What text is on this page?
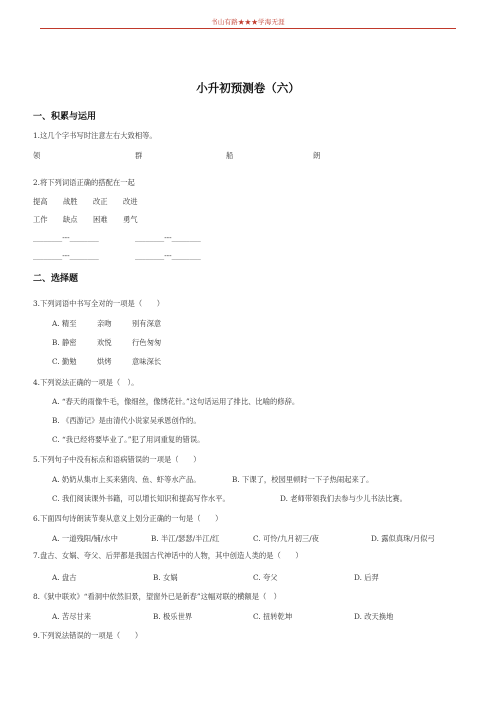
书山有路★★★学海无涯
小升初预测卷（六）
一、积累与运用
1.这几个字书写时注意左右大致相等。
领	群	船	朗
2.将下列词语正确的搭配在一起
提高 战胜 改正 改进
工作 缺点 困难 勇气
________---________	________---________
________---________	________---________
二、选择题
3.下列词语中书写全对的一项是（　　）
A. 精至	亲吻	别有深意
B. 静密	欢悦	行色匆匆
C. 勤勉	烘烤	意味深长
4.下列说法正确的一项是（　）。
A. “春天的雨像牛毛，像细丝，像绣花针。”这句话运用了排比、比喻的修辞。
B. 《西游记》是由清代小说家吴承恩创作的。
C. “我已经将要毕业了。”犯了用词重复的错误。
5.下列句子中没有标点和语病错误的一项是（　　）
A. 奶奶从集市上买来猪肉、鱼、虾等水产品。	B. 下课了，校园里顿时一下子热闹起来了。
C. 我们阅读课外书籍，可以增长知识和提高写作水平。	D. 老师带领我们去参与少儿书法比赛。
6.下面四句诗朗读节奏从意义上划分正确的一句是（　　）
A. 一道残阳/铺/水中	B. 半江/瑟瑟/半江/红	C. 可怜/九月初三/夜	D. 露似真珠/月似弓
7.盘古、女娲、夸父、后羿都是我国古代神话中的人物，其中创造人类的是（　　）
A. 盘古	B. 女娲	C. 夸父	D. 后羿
8.《狱中联欢》“看洞中依然旧景，望窗外已是新春”这幅对联的横额是（　）
A. 苦尽甘来	B. 极乐世界	C. 扭转乾坤	D. 改天换地
9.下列说法错误的一项是（　　）
